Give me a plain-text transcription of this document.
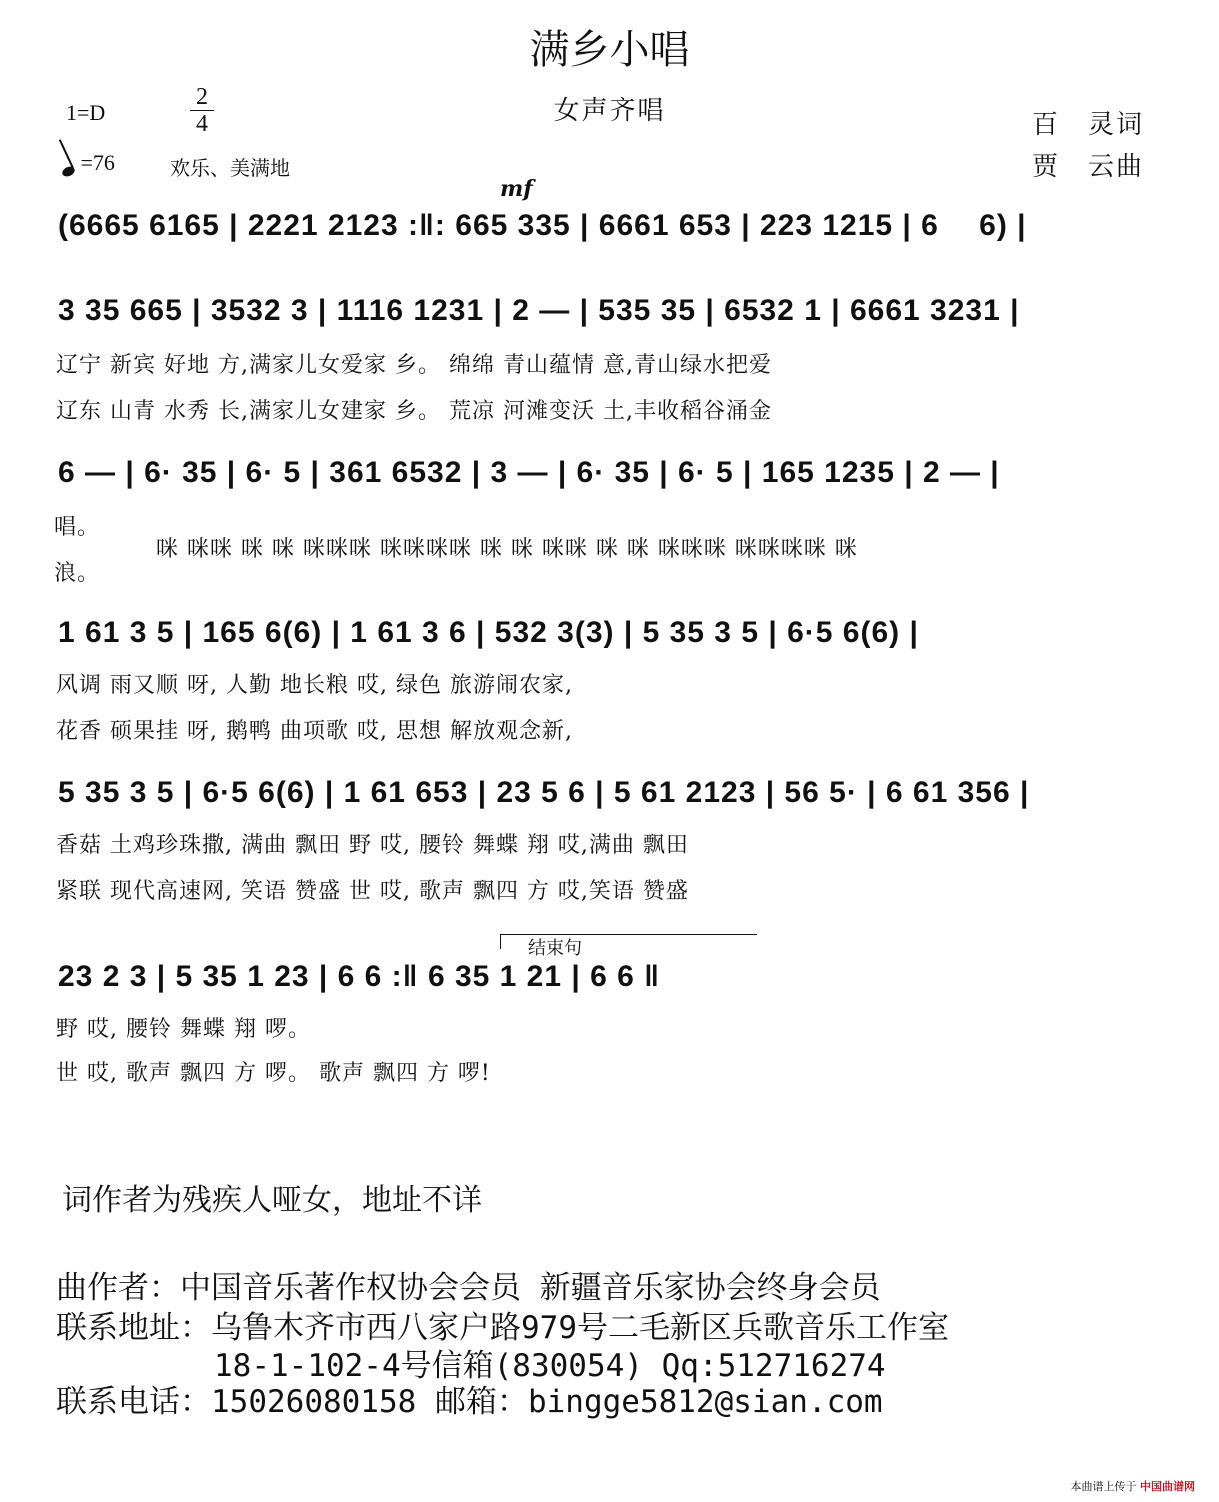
满乡小唱
女声齐唱
1=D
2
4
=76	欢乐、美满地
百　灵词
贾　云曲
mf
(6665 6165 | 2221 2123 :‖: 665 335 | 6661 653 | 223 1215 | 6　 6) |
3 35 665 | 3532 3 | 1116 1231 | 2 — | 535 35 | 6532 1 | 6661 3231 |
辽宁 新宾 好地 方,满家儿女爱家 乡。 绵绵 青山蕴情 意,青山绿水把爱
辽东 山青 水秀 长,满家儿女建家 乡。 荒凉 河滩变沃 土,丰收稻谷涌金
6 — | 6· 35 | 6· 5 | 361 6532 | 3 — | 6· 35 | 6· 5 | 165 1235 | 2 — |
唱。
咪 咪咪 咪 咪 咪咪咪 咪咪咪咪 咪 咪 咪咪 咪 咪 咪咪咪 咪咪咪咪 咪
浪。
1 61 3 5 | 165 6(6) | 1 61 3 6 | 532 3(3) | 5 35 3 5 | 6·5 6(6) |
风调 雨又顺 呀, 人勤 地长粮 哎, 绿色 旅游闹农家,
花香 硕果挂 呀, 鹅鸭 曲项歌 哎, 思想 解放观念新,
5 35 3 5 | 6·5 6(6) | 1 61 653 | 23 5 6 | 5 61 2123 | 56 5· | 6 61 356 |
香菇 土鸡珍珠撒, 满曲 飘田 野 哎, 腰铃 舞蝶 翔 哎,满曲 飘田
紧联 现代高速网, 笑语 赞盛 世 哎, 歌声 飘四 方 哎,笑语 赞盛
结束句
23 2 3 | 5 35 1 23 | 6 6 :‖ 6 35 1 21 | 6 6 ‖
野 哎, 腰铃 舞蝶 翔 啰。
世 哎, 歌声 飘四 方 啰。 歌声 飘四 方 啰!
词作者为残疾人哑女，地址不详
曲作者：中国音乐著作权协会会员 新疆音乐家协会终身会员
联系地址：乌鲁木齐市西八家户路979号二毛新区兵歌音乐工作室
18-1-102-4号信箱(830054) Qq:512716274
联系电话：15026080158 邮箱：bingge5812@sian.com
本曲谱上传于 中国曲谱网
